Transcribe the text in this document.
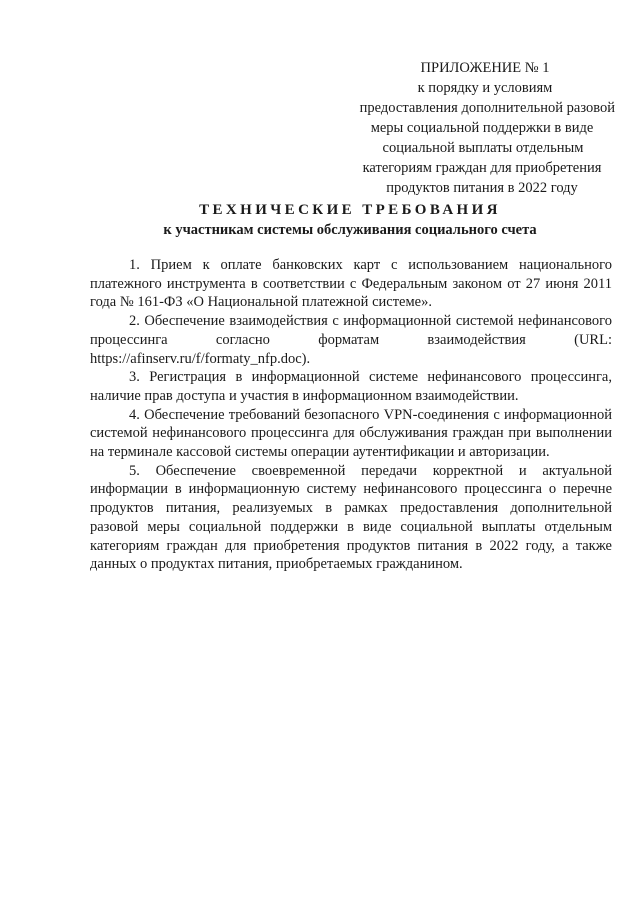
ПРИЛОЖЕНИЕ № 1
к порядку и условиям
предоставления дополнительной разовой
меры социальной поддержки в виде
социальной выплаты отдельным
категориям граждан для приобретения
продуктов питания в 2022 году
ТЕХНИЧЕСКИЕ ТРЕБОВАНИЯ
к участникам системы обслуживания социального счета

1. Прием к оплате банковских карт с использованием национального платежного инструмента в соответствии с Федеральным законом от 27 июня 2011 года № 161-ФЗ «О Национальной платежной системе».

2. Обеспечение взаимодействия с информационной системой нефинансового процессинга согласно форматам взаимодействия (URL: https://afinserv.ru/f/formaty_nfp.doc).

3. Регистрация в информационной системе нефинансового процессинга, наличие прав доступа и участия в информационном взаимодействии.

4. Обеспечение требований безопасного VPN-соединения с информационной системой нефинансового процессинга для обслуживания граждан при выполнении на терминале кассовой системы операции аутентификации и авторизации.

5. Обеспечение своевременной передачи корректной и актуальной информации в информационную систему нефинансового процессинга о перечне продуктов питания, реализуемых в рамках предоставления дополнительной разовой меры социальной поддержки в виде социальной выплаты отдельным категориям граждан для приобретения продуктов питания в 2022 году, а также данных о продуктах питания, приобретаемых гражданином.
